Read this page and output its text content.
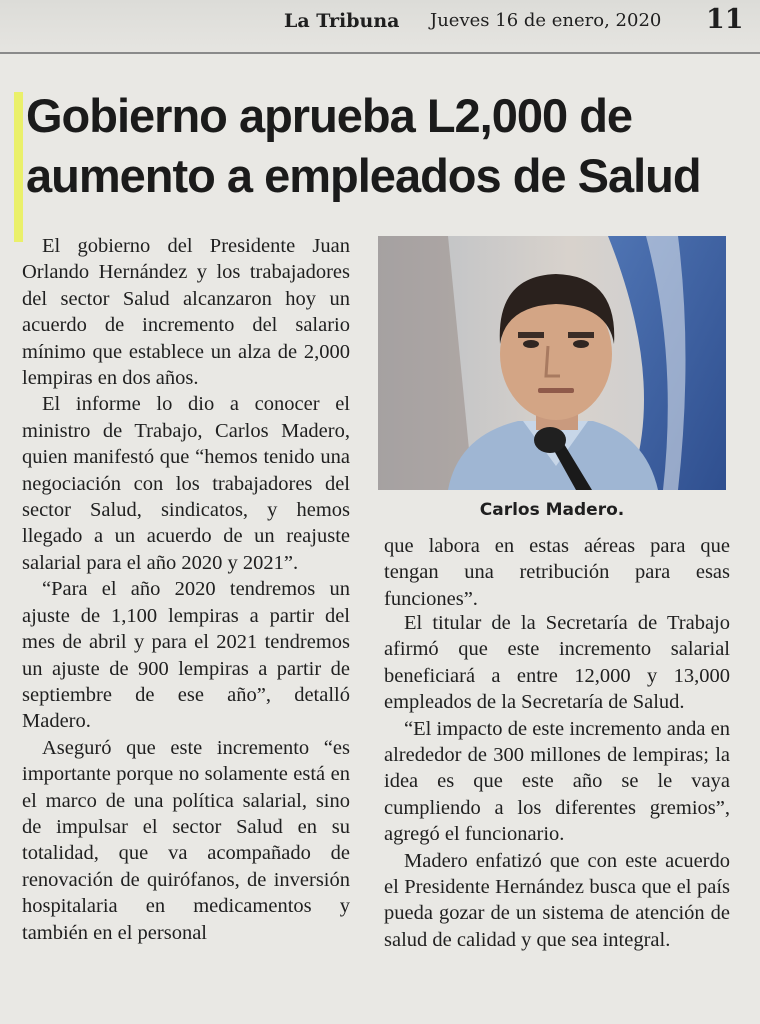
La Tribuna Jueves 16 de enero, 2020 11
Gobierno aprueba L2,000 de aumento a empleados de Salud

Carlos Madero.

El gobierno del Presidente Juan Orlando Hernández y los trabajadores del sector Salud alcanzaron hoy un acuerdo de incremento del salario mínimo que establece un alza de 2,000 lempiras en dos años.

El informe lo dio a conocer el ministro de Trabajo, Carlos Madero, quien manifestó que “hemos tenido una negociación con los trabajadores del sector Salud, sindicatos, y hemos llegado a un acuerdo de un reajuste salarial para el año 2020 y 2021”.

“Para el año 2020 tendremos un ajuste de 1,100 lempiras a partir del mes de abril y para el 2021 tendremos un ajuste de 900 lempiras a partir de septiembre de ese año”, detalló Madero.

Aseguró que este incremento “es importante porque no solamente está en el marco de una política salarial, sino de impulsar el sector Salud en su totalidad, que va acompañado de renovación de quirófanos, de inversión hospitalaria en medicamentos y también en el personal

que labora en estas aéreas para que tengan una retribución para esas funciones”.

El titular de la Secretaría de Trabajo afirmó que este incremento salarial beneficiará a entre 12,000 y 13,000 empleados de la Secretaría de Salud.

“El impacto de este incremento anda en alrededor de 300 millones de lempiras; la idea es que este año se le vaya cumpliendo a los diferentes gremios”, agregó el funcionario.

Madero enfatizó que con este acuerdo el Presidente Hernández busca que el país pueda gozar de un sistema de atención de salud de calidad y que sea integral.
